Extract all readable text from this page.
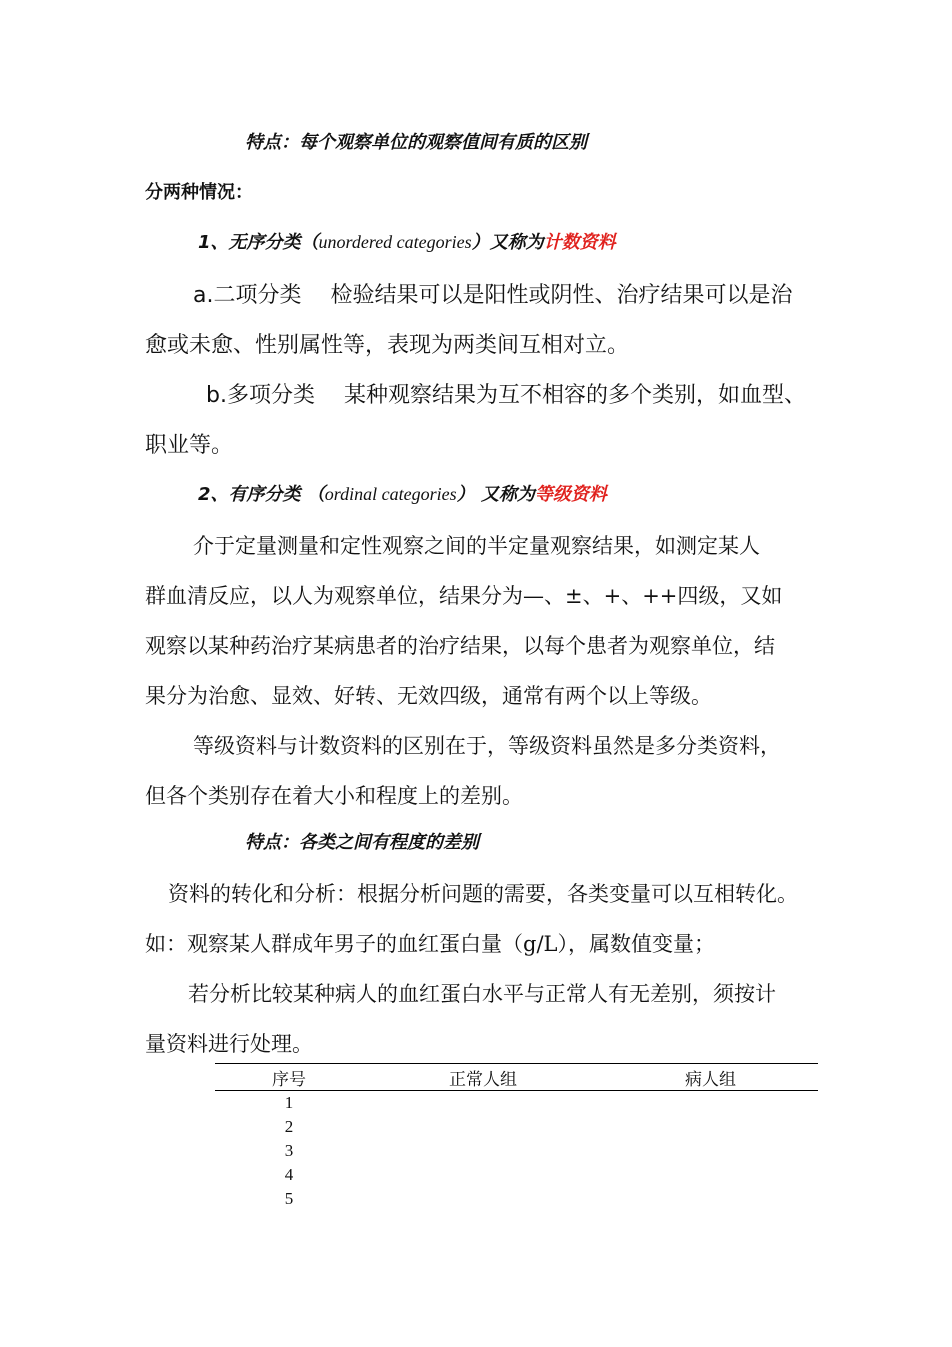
特点：每个观察单位的观察值间有质的区别
分两种情况：
1、无序分类（unordered categories）又称为计数资料
a.二项分类　 检验结果可以是阳性或阴性、治疗结果可以是治
愈或未愈、性别属性等，表现为两类间互相对立。
b.多项分类　 某种观察结果为互不相容的多个类别，如血型、
职业等。
2、有序分类 （ordinal categories） 又称为等级资料
介于定量测量和定性观察之间的半定量观察结果，如测定某人
群血清反应，以人为观察单位，结果分为—、±、+、++四级，又如
观察以某种药治疗某病患者的治疗结果，以每个患者为观察单位，结
果分为治愈、显效、好转、无效四级，通常有两个以上等级。
等级资料与计数资料的区别在于，等级资料虽然是多分类资料，
但各个类别存在着大小和程度上的差别。
特点：各类之间有程度的差别
资料的转化和分析：根据分析问题的需要，各类变量可以互相转化。
如：观察某人群成年男子的血红蛋白量（g/L），属数值变量；
若分析比较某种病人的血红蛋白水平与正常人有无差别，须按计
量资料进行处理。
序号	正常人组	病人组
1		
2		
3		
4		
5		
